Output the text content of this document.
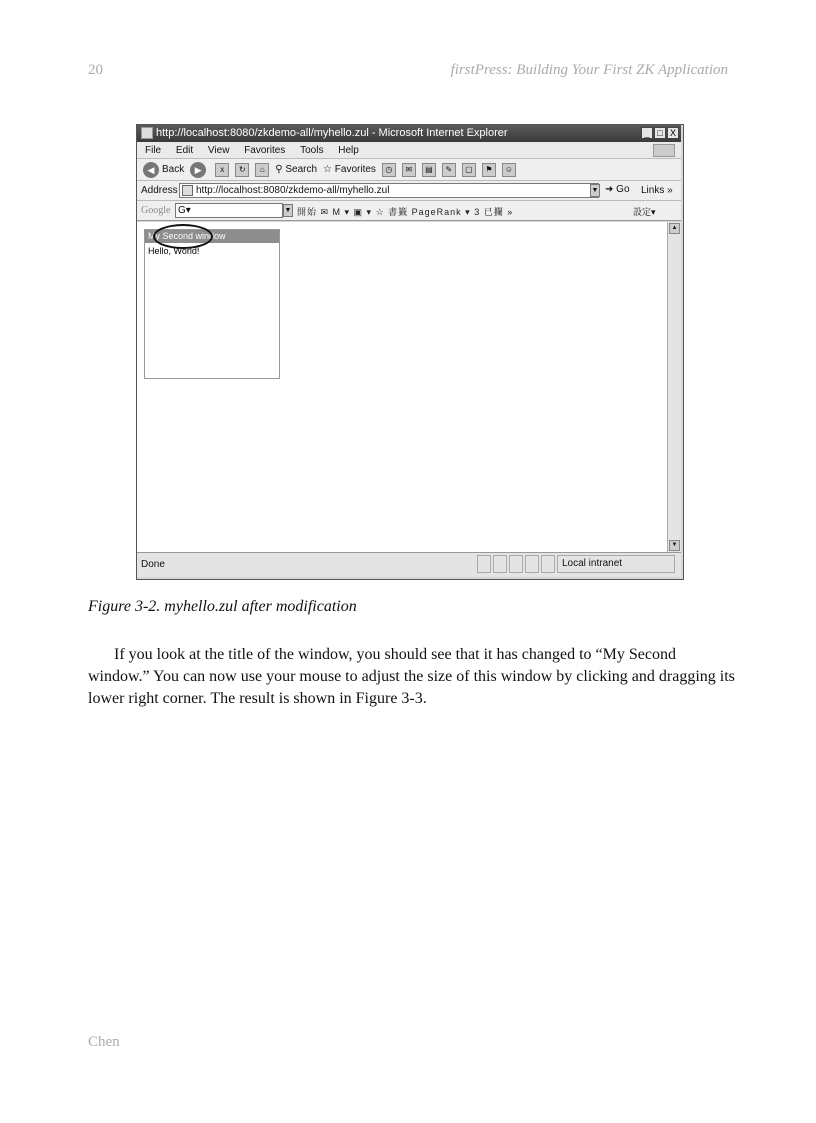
20	firstPress: Building Your First ZK Application
http://localhost:8080/zkdemo-all/myhello.zul - Microsoft Internet Explorer	_ □ X
File Edit View Favorites Tools Help
◀ Back	▶	x	↻	⌂	⚲
Search ☆
Favorites	◷	✉	▤	✎	▢	⚑	☺
Address	http://localhost:8080/zkdemo-all/myhello.zul	▼ ➜ Go Links »
Google G▾	▼ 開始 ✉ M ▾ ▣ ▾ ☆ 書籤 PageRank ▾ 3 已攔 »	設定▾
My Second window
Hello, World!
▲
▼
Done	Local intranet
Figure 3-2. myhello.zul after modification
If you look at the title of the window, you should see that it has changed to “My Second window.” You can now use your mouse to adjust the size of this window by clicking and dragging its lower right corner. The result is shown in Figure 3-3.
Chen
